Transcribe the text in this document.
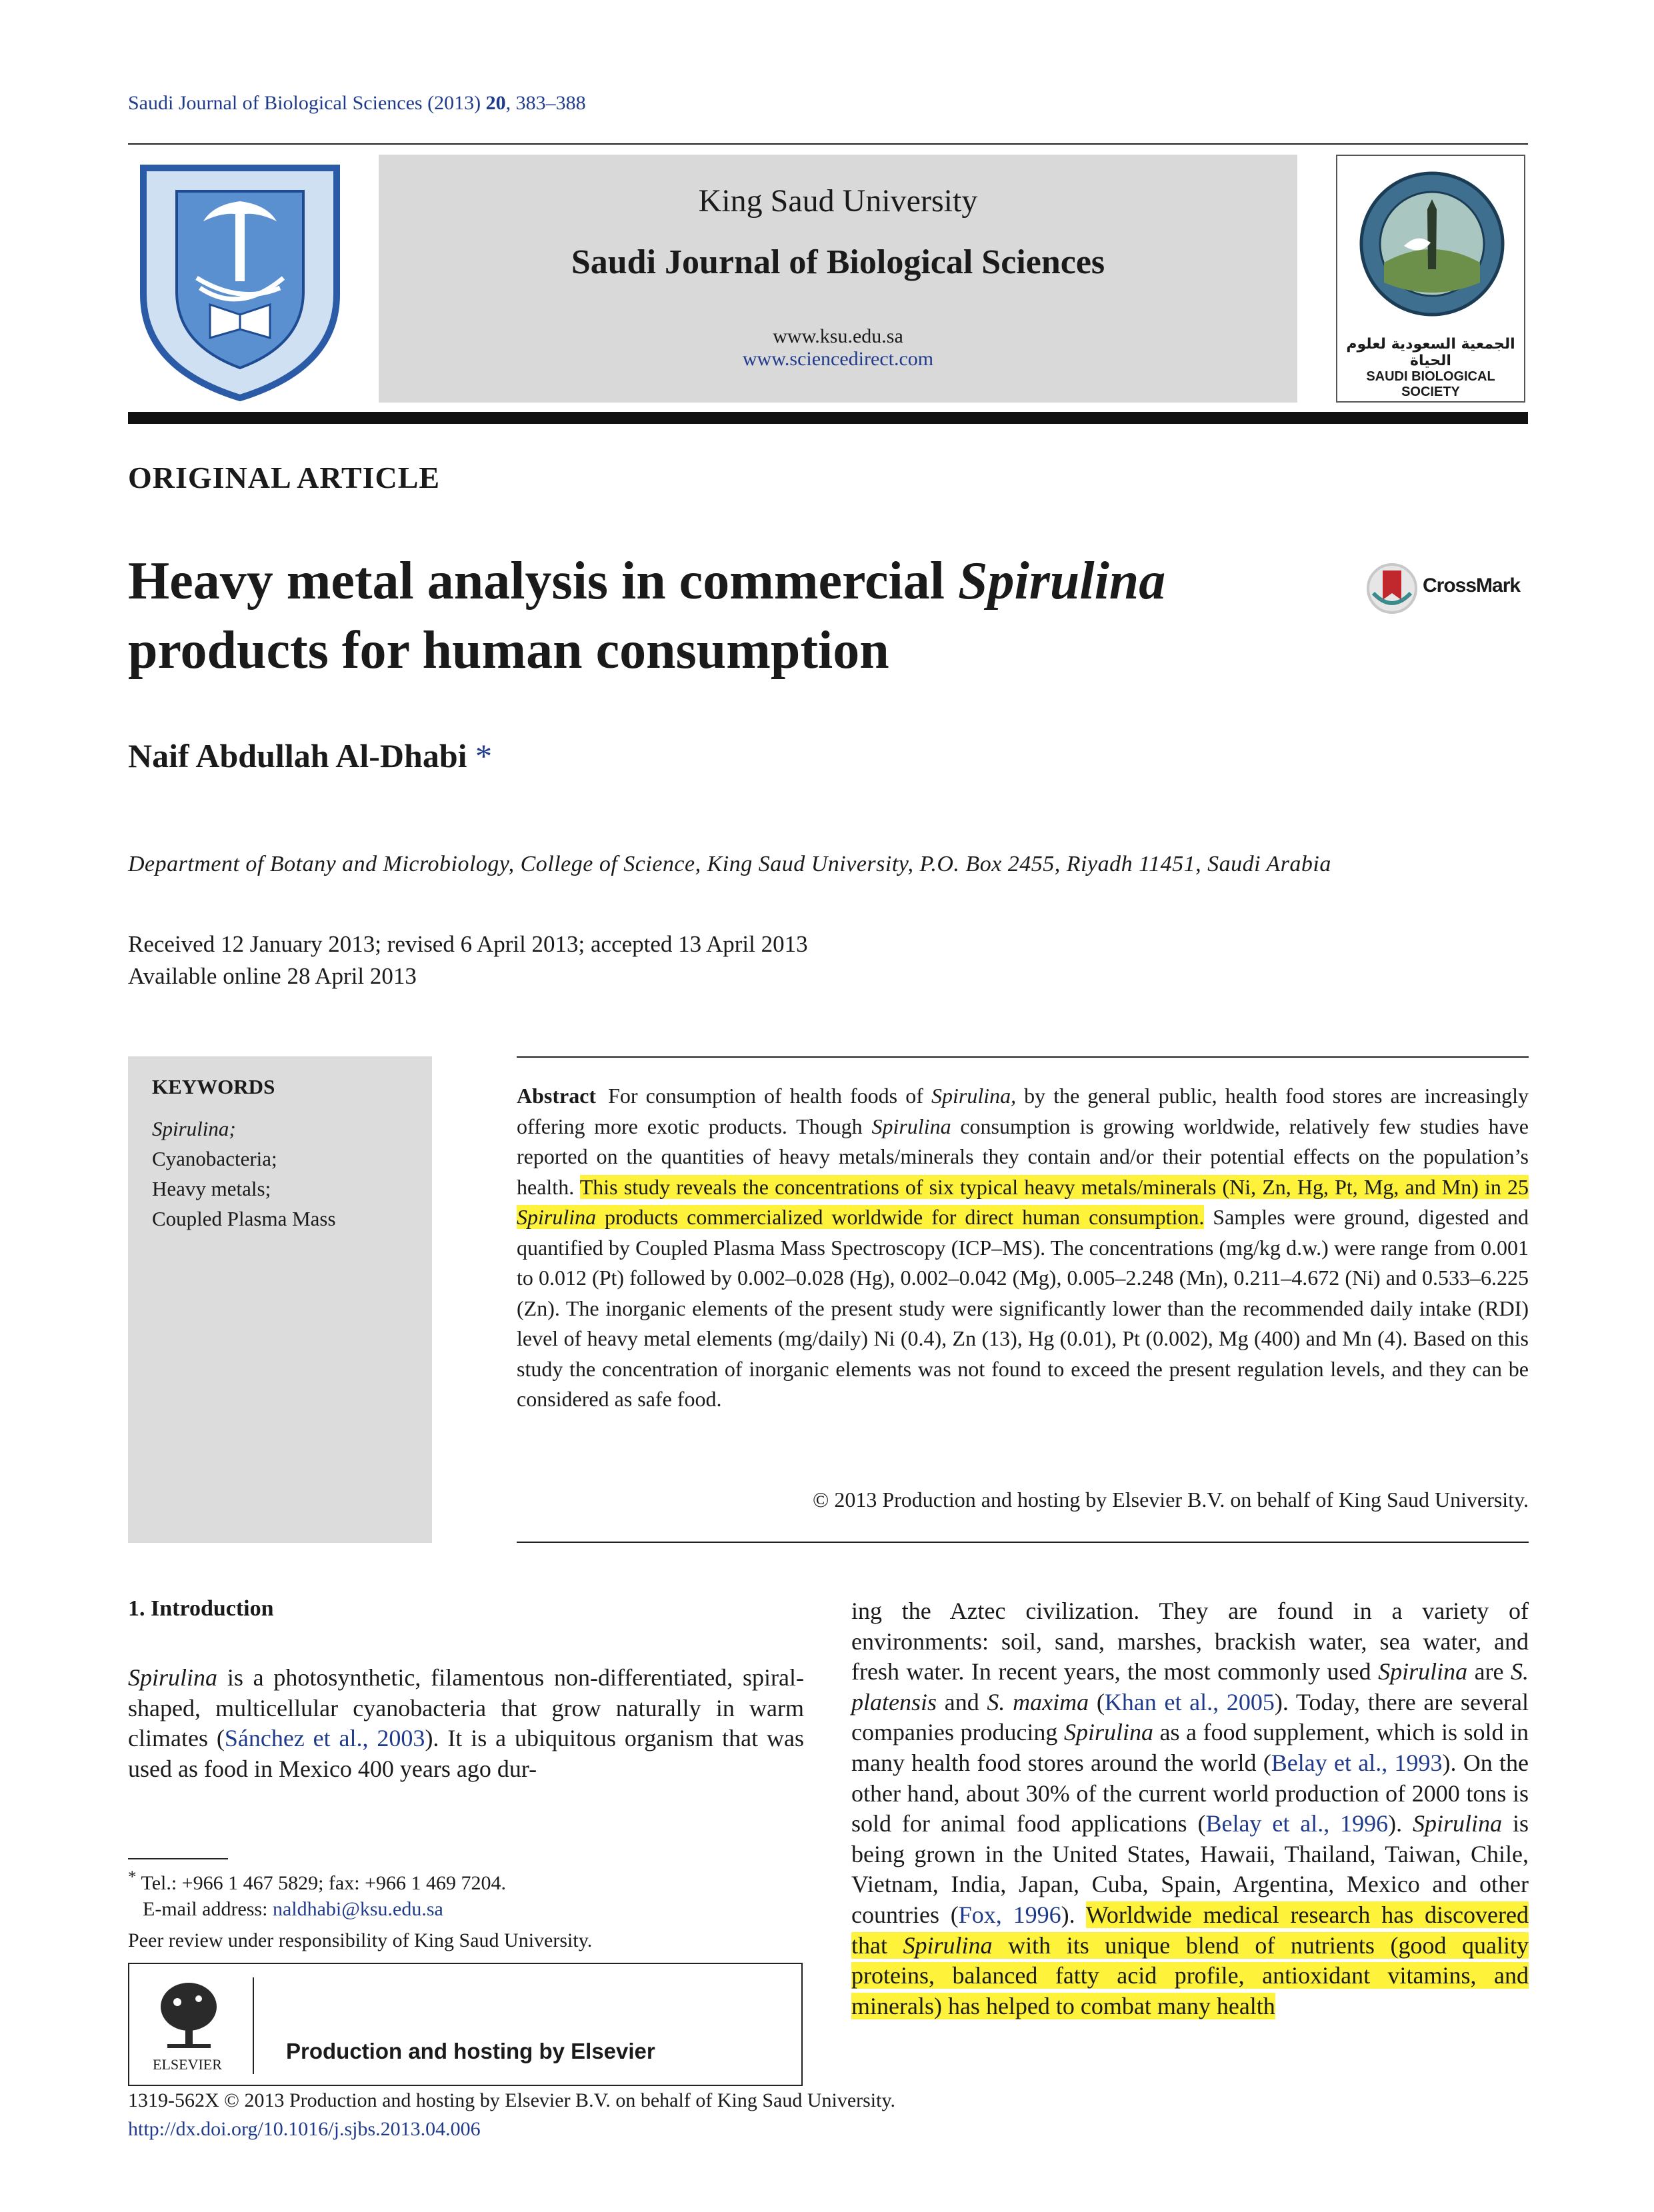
Saudi Journal of Biological Sciences (2013) 20, 383–388
King Saud University
Saudi Journal of Biological Sciences
www.ksu.edu.sa
www.sciencedirect.com
الجمعية السعودية لعلوم الحياة
SAUDI BIOLOGICAL SOCIETY
ORIGINAL ARTICLE
Heavy metal analysis in commercial Spirulina
products for human consumption
CrossMark
Naif Abdullah Al-Dhabi *
Department of Botany and Microbiology, College of Science, King Saud University, P.O. Box 2455, Riyadh 11451, Saudi Arabia
Received 12 January 2013; revised 6 April 2013; accepted 13 April 2013
Available online 28 April 2013
KEYWORDS
Spirulina;
Cyanobacteria;
Heavy metals;
Coupled Plasma Mass
Abstract For consumption of health foods of Spirulina, by the general public, health food stores are increasingly offering more exotic products. Though Spirulina consumption is growing worldwide, relatively few studies have reported on the quantities of heavy metals/minerals they contain and/or their potential effects on the population’s health. This study reveals the concentrations of six typical heavy metals/minerals (Ni, Zn, Hg, Pt, Mg, and Mn) in 25 Spirulina products commercialized worldwide for direct human consumption. Samples were ground, digested and quantified by Coupled Plasma Mass Spectroscopy (ICP–MS). The concentrations (mg/kg d.w.) were range from 0.001 to 0.012 (Pt) followed by 0.002–0.028 (Hg), 0.002–0.042 (Mg), 0.005–2.248 (Mn), 0.211–4.672 (Ni) and 0.533–6.225 (Zn). The inorganic elements of the present study were significantly lower than the recommended daily intake (RDI) level of heavy metal elements (mg/daily) Ni (0.4), Zn (13), Hg (0.01), Pt (0.002), Mg (400) and Mn (4). Based on this study the concentration of inorganic elements was not found to exceed the present regulation levels, and they can be considered as safe food.
© 2013 Production and hosting by Elsevier B.V. on behalf of King Saud University.
1. Introduction
Spirulina is a photosynthetic, filamentous non-differentiated, spiral-shaped, multicellular cyanobacteria that grow naturally in warm climates (Sánchez et al., 2003). It is a ubiquitous organism that was used as food in Mexico 400 years ago dur-
ing the Aztec civilization. They are found in a variety of environments: soil, sand, marshes, brackish water, sea water, and fresh water. In recent years, the most commonly used Spirulina are S. platensis and S. maxima (Khan et al., 2005). Today, there are several companies producing Spirulina as a food supplement, which is sold in many health food stores around the world (Belay et al., 1993). On the other hand, about 30% of the current world production of 2000 tons is sold for animal food applications (Belay et al., 1996). Spirulina is being grown in the United States, Hawaii, Thailand, Taiwan, Chile, Vietnam, India, Japan, Cuba, Spain, Argentina, Mexico and other countries (Fox, 1996). Worldwide medical research has discovered that Spirulina with its unique blend of nutrients (good quality proteins, balanced fatty acid profile, antioxidant vitamins, and minerals) has helped to combat many health
* Tel.: +966 1 467 5829; fax: +966 1 469 7204.
E-mail address: naldhabi@ksu.edu.sa
Peer review under responsibility of King Saud University.
ELSEVIER
Production and hosting by Elsevier
1319-562X © 2013 Production and hosting by Elsevier B.V. on behalf of King Saud University.
http://dx.doi.org/10.1016/j.sjbs.2013.04.006
